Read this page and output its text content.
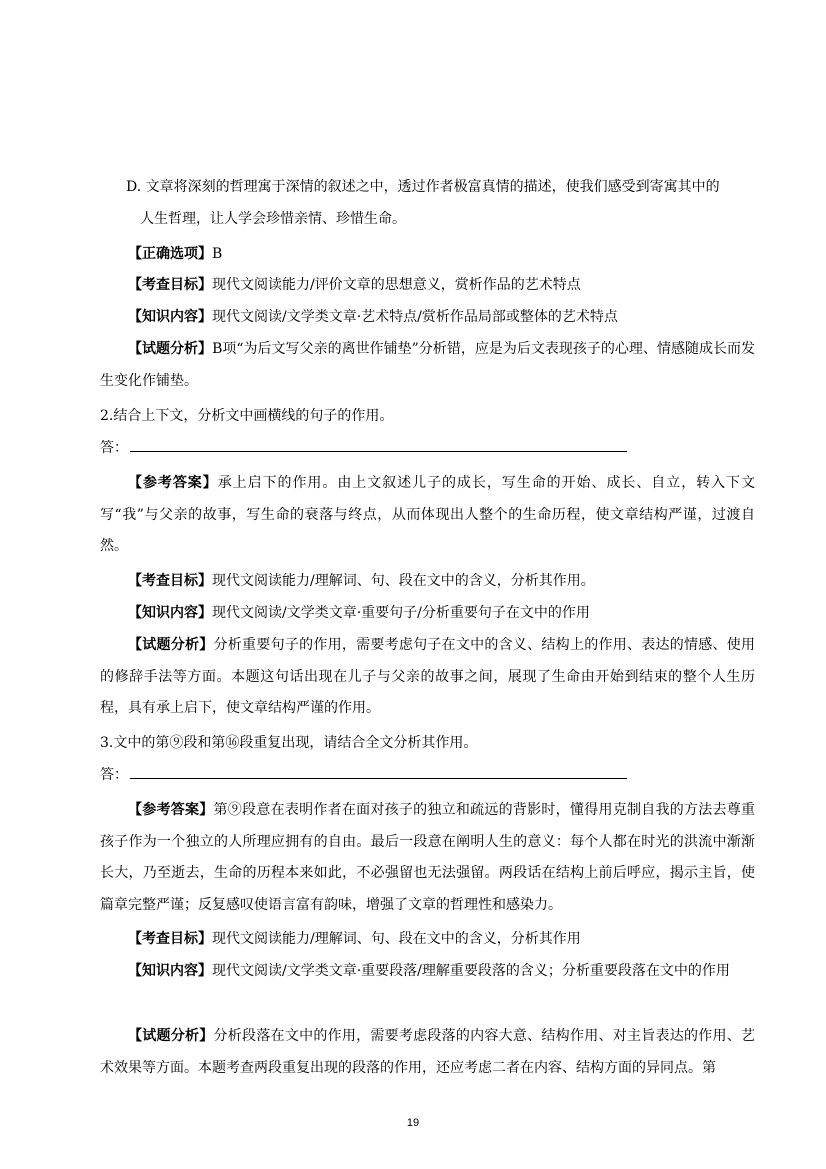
D. 文章将深刻的哲理寓于深情的叙述之中，透过作者极富真情的描述，使我们感受到寄寓其中的

人生哲理，让人学会珍惜亲情、珍惜生命。

【正确选项】B

【考查目标】现代文阅读能力/评价文章的思想意义，赏析作品的艺术特点

【知识内容】现代文阅读/文学类文章·艺术特点/赏析作品局部或整体的艺术特点

【试题分析】B项“为后文写父亲的离世作铺垫”分析错，应是为后文表现孩子的心理、情感随成长而发生变化作铺垫。

2.结合上下文，分析文中画横线的句子的作用。

答：

【参考答案】承上启下的作用。由上文叙述儿子的成长，写生命的开始、成长、自立，转入下文写“我”与父亲的故事，写生命的衰落与终点，从而体现出人整个的生命历程，使文章结构严谨，过渡自然。

【考查目标】现代文阅读能力/理解词、句、段在文中的含义，分析其作用。

【知识内容】现代文阅读/文学类文章·重要句子/分析重要句子在文中的作用

【试题分析】分析重要句子的作用，需要考虑句子在文中的含义、结构上的作用、表达的情感、使用的修辞手法等方面。本题这句话出现在儿子与父亲的故事之间，展现了生命由开始到结束的整个人生历程，具有承上启下，使文章结构严谨的作用。

3.文中的第⑨段和第⑯段重复出现，请结合全文分析其作用。

答：

【参考答案】第⑨段意在表明作者在面对孩子的独立和疏远的背影时，懂得用克制自我的方法去尊重孩子作为一个独立的人所理应拥有的自由。最后一段意在阐明人生的意义：每个人都在时光的洪流中渐渐长大，乃至逝去，生命的历程本来如此，不必强留也无法强留。两段话在结构上前后呼应，揭示主旨，使篇章完整严谨；反复感叹使语言富有韵味，增强了文章的哲理性和感染力。

【考查目标】现代文阅读能力/理解词、句、段在文中的含义，分析其作用

【知识内容】现代文阅读/文学类文章·重要段落/理解重要段落的含义；分析重要段落在文中的作用

【试题分析】分析段落在文中的作用，需要考虑段落的内容大意、结构作用、对主旨表达的作用、艺术效果等方面。本题考查两段重复出现的段落的作用，还应考虑二者在内容、结构方面的异同点。第

19
